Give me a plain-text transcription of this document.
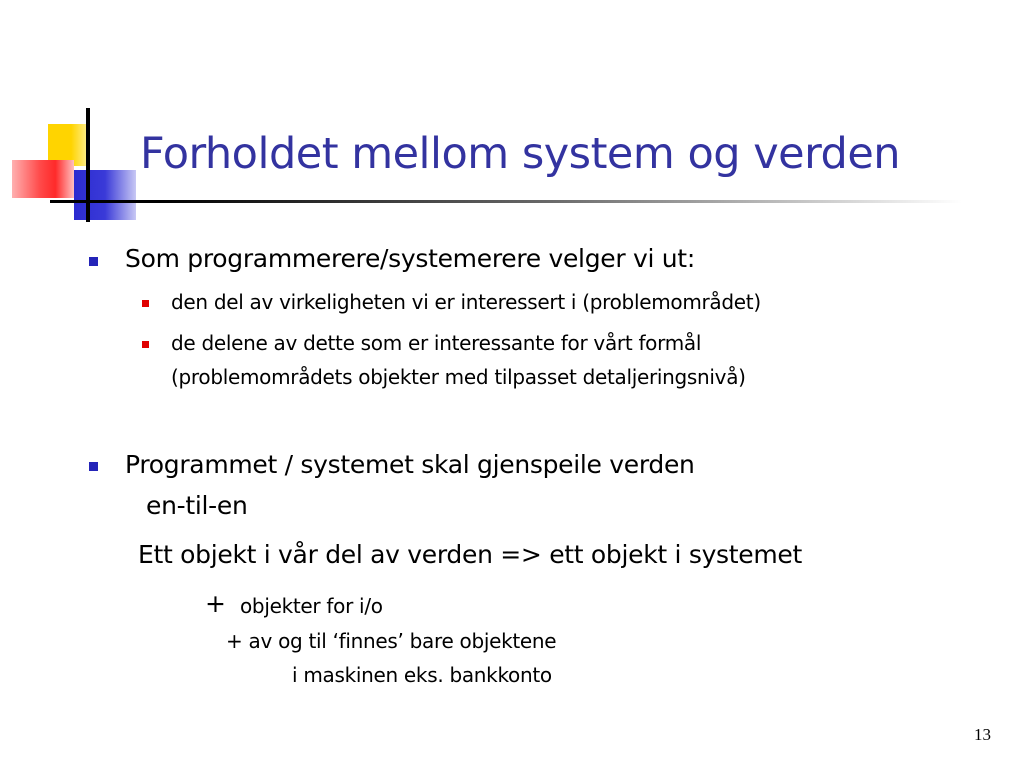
Forholdet mellom system og verden
Som programmerere/systemerere velger vi ut:
den del av virkeligheten vi er interessert i (problemområdet)
de delene av dette som er interessante for vårt formål
(problemområdets objekter med tilpasset detaljeringsnivå)
Programmet / systemet skal gjenspeile verden
en-til-en
Ett objekt i vår del av verden => ett objekt i systemet
+ objekter for i/o
+ av og til ‘finnes’ bare objektene
i maskinen eks. bankkonto
13
